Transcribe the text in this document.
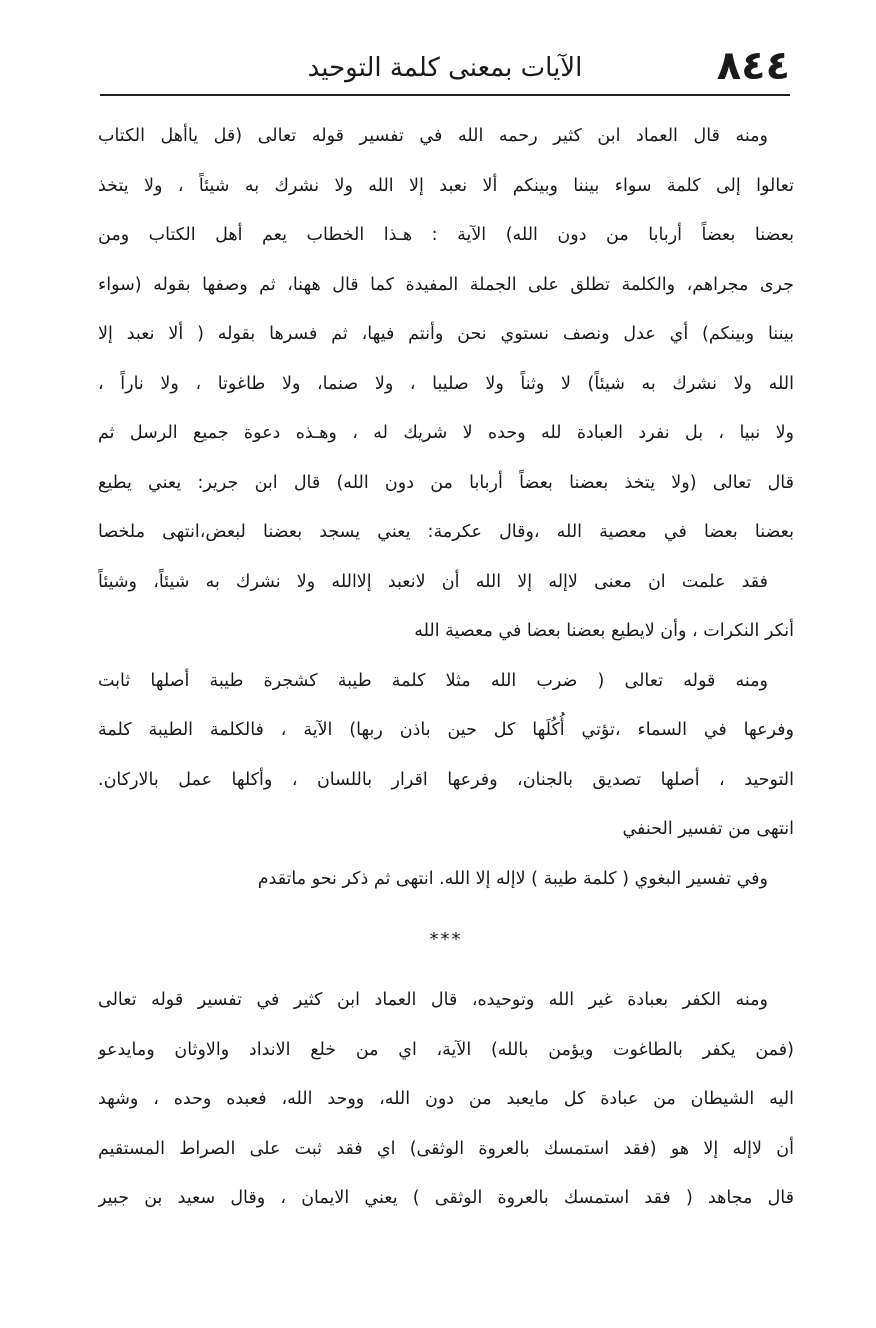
٨٤٤
الآيات بمعنى كلمة التوحيد
ومنه قال العماد ابن كثير رحمه الله في تفسير قوله تعالى (قل ياأهل الكتاب
تعالوا إلى كلمة سواء بيننا وبينكم ألا نعبد إلا الله ولا نشرك به شيئاً ، ولا يتخذ
بعضنا بعضاً أربابا من دون الله) الآية : هـذا الخطاب يعم أهل الكتاب ومن
جرى مجراهم، والكلمة تطلق على الجملة المفيدة كما قال ههنا، ثم وصفها بقوله (سواء
بيننا وبينكم) أي عدل ونصف نستوي نحن وأنتم فيها، ثم فسرها بقوله ( ألا نعبد إلا
الله ولا نشرك به شيئاً) لا وثناً ولا صليبا ، ولا صنما، ولا طاغوتا ، ولا ناراً ،
ولا نبيا ، بل نفرد العبادة لله وحده لا شريك له ، وهـذه دعوة جميع الرسل ثم
قال تعالى (ولا يتخذ بعضنا بعضاً أربابا من دون الله) قال ابن جرير: يعني يطيع
بعضنا بعضا في معصية الله ،وقال عكرمة: يعني يسجد بعضنا لبعض،انتهى ملخصا
فقد علمت ان معنى لاإله إلا الله أن لانعبد إلاالله ولا نشرك به شيئاً، وشيئاً
أنكر النكرات ، وأن لايطيع بعضنا بعضا في معصية الله
ومنه قوله تعالى ( ضرب الله مثلا كلمة طيبة كشجرة طيبة أصلها ثابت
وفرعها في السماء ،تؤتي أُكُلَها كل حين باذن ربها) الآية ، فالكلمة الطيبة كلمة
التوحيد ، أصلها تصديق بالجنان، وفرعها اقرار باللسان ، وأكلها عمل بالاركان.
انتهى من تفسير الحنفي
وفي تفسير البغوي ( كلمة طيبة ) لاإله إلا الله. انتهى ثم ذكر نحو ماتقدم
***
ومنه الكفر بعبادة غير الله وتوحيده، قال العماد ابن كثير في تفسير قوله تعالى
(فمن يكفر بالطاغوت ويؤمن بالله) الآية، اي من خلع الانداد والاوثان ومايدعو
اليه الشيطان من عبادة كل مايعبد من دون الله، ووحد الله، فعبده وحده ، وشهد
أن لاإله إلا هو (فقد استمسك بالعروة الوثقى) اي فقد ثبت على الصراط المستقيم
قال مجاهد ( فقد استمسك بالعروة الوثقى ) يعني الايمان ، وقال سعيد بن جبير
